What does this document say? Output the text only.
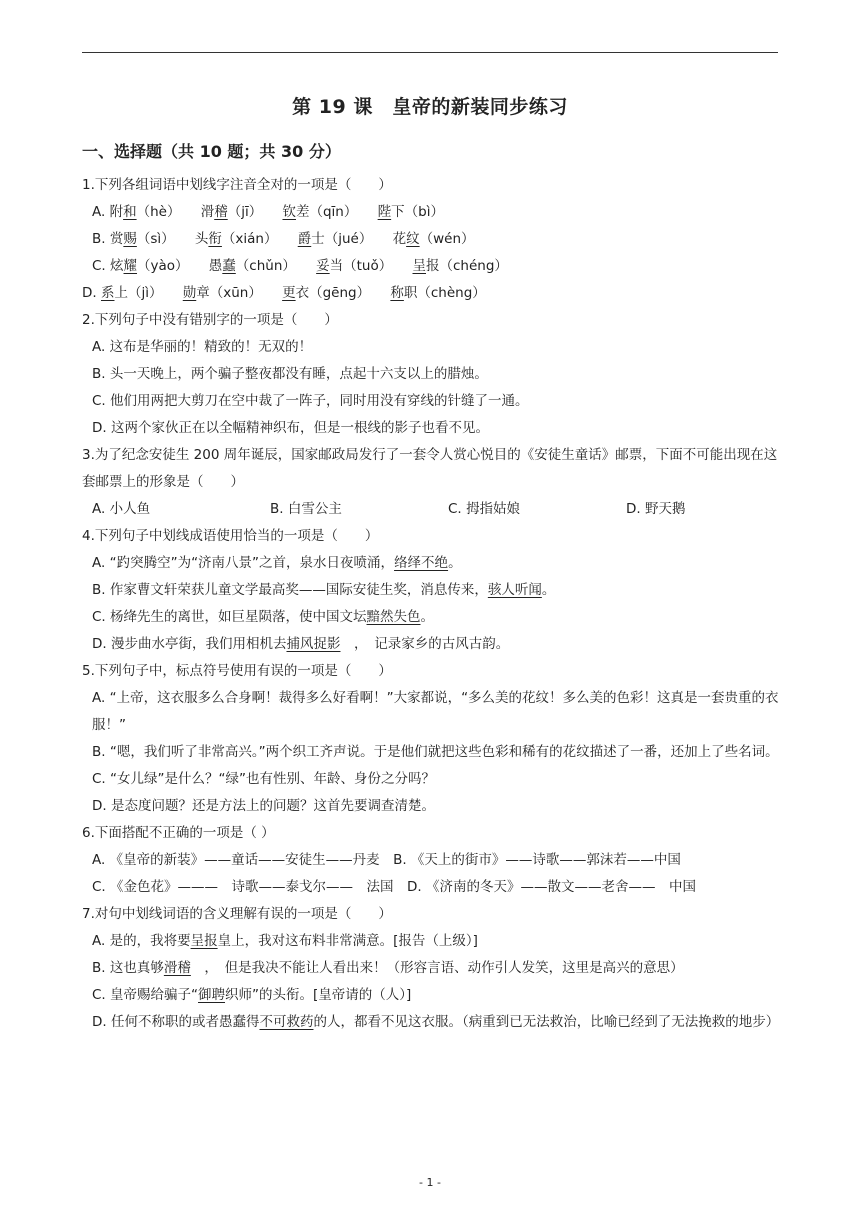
第 19 课　皇帝的新装同步练习
一、选择题（共 10 题；共 30 分）

1.下列各组词语中划线字注音全对的一项是（　　）

A. 附和（hè）　　滑稽（jī）　　钦差（qīn）　　陛下（bì）

B. 赏赐（sì）　　头衔（xián）　　爵士（jué）　　花纹（wén）

C. 炫耀（yào）　　愚蠢（chǔn）　　妥当（tuǒ）　　呈报（chéng）

D. 系上（jì）　　勋章（xūn）　　更衣（gēng）　　称职（chèng）

2.下列句子中没有错别字的一项是（　　）

A. 这布是华丽的！精致的！无双的！

B. 头一天晚上，两个骗子整夜都没有睡，点起十六支以上的腊烛。

C. 他们用两把大剪刀在空中裁了一阵子，同时用没有穿线的针缝了一通。

D. 这两个家伙正在以全幅精神织布，但是一根线的影子也看不见。

3.为了纪念安徒生 200 周年诞辰，国家邮政局发行了一套令人赏心悦目的《安徒生童话》邮票，下面不可能出现在这套邮票上的形象是（　　）

A. 小人鱼	B. 白雪公主	C. 拇指姑娘	D. 野天鹅

4.下列句子中划线成语使用恰当的一项是（　　）

A. “趵突腾空”为“济南八景”之首，泉水日夜喷涌，络绎不绝。

B. 作家曹文轩荣获儿童文学最高奖——国际安徒生奖，消息传来，骇人听闻。

C. 杨绛先生的离世，如巨星陨落，使中国文坛黯然失色。

D. 漫步曲水亭街，我们用相机去捕风捉影　，　记录家乡的古风古韵。

5.下列句子中，标点符号使用有误的一项是（　　）

A. “上帝，这衣服多么合身啊！裁得多么好看啊！”大家都说，“多么美的花纹！多么美的色彩！这真是一套贵重的衣服！”

B. “嗯，我们听了非常高兴。”两个织工齐声说。于是他们就把这些色彩和稀有的花纹描述了一番，还加上了些名词。

C. “女儿绿”是什么？“绿”也有性别、年龄、身份之分吗？

D. 是态度问题？还是方法上的问题？这首先要调查清楚。

6.下面搭配不正确的一项是（ ）

A. 《皇帝的新装》——童话——安徒生——丹麦　B. 《天上的街市》——诗歌——郭沫若——中国

C. 《金色花》———　诗歌——泰戈尔——　法国　D. 《济南的冬天》——散文——老舍——　中国

7.对句中划线词语的含义理解有误的一项是（　　）

A. 是的，我将要呈报皇上，我对这布料非常满意。[报告（上级）]

B. 这也真够滑稽　，　但是我决不能让人看出来！（形容言语、动作引人发笑，这里是高兴的意思）

C. 皇帝赐给骗子“御聘织师”的头衔。[皇帝请的（人）]

D. 任何不称职的或者愚蠢得不可救药的人，都看不见这衣服。（病重到已无法救治，比喻已经到了无法挽救的地步）

- 1 -
